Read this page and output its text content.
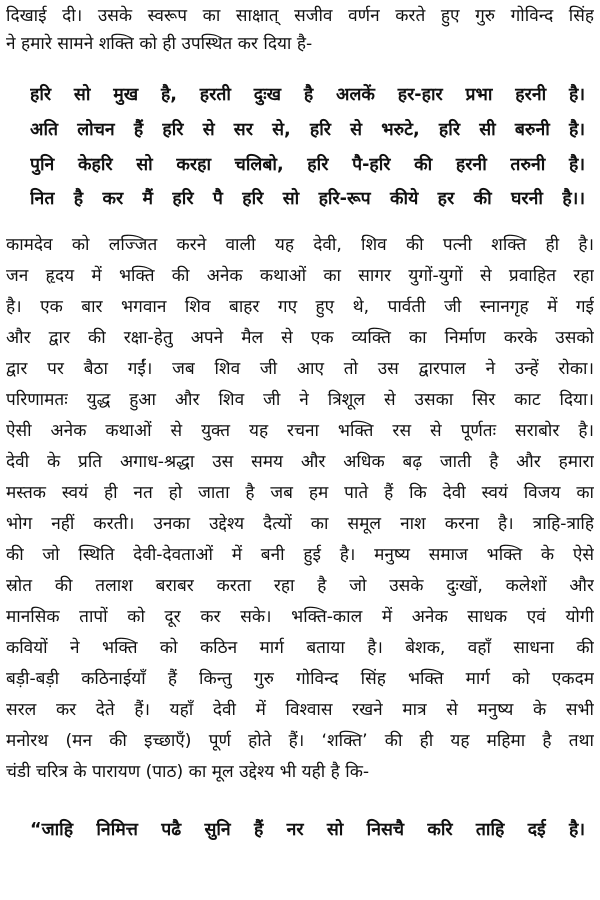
दिखाई दी। उसके स्वरूप का साक्षात् सजीव वर्णन करते हुए गुरु गोविन्द सिंह
ने हमारे सामने शक्ति को ही उपस्थित कर दिया है-
हरि सो मुख है, हरती दुःख है अलकें हर-हार प्रभा हरनी है।
अति लोचन हैं हरि से सर से, हरि से भरुटे, हरि सी बरुनी है।
पुनि केहरि सो करहा चलिबो, हरि पै-हरि की हरनी तरुनी है।
नित है कर मैं हरि पै हरि सो हरि-रूप कीये हर की घरनी है।।
कामदेव को लज्जित करने वाली यह देवी, शिव की पत्नी शक्ति ही है।
जन हृदय में भक्ति की अनेक कथाओं का सागर युगों-युगों से प्रवाहित रहा
है। एक बार भगवान शिव बाहर गए हुए थे, पार्वती जी स्नानगृह में गई
और द्वार की रक्षा-हेतु अपने मैल से एक व्यक्ति का निर्माण करके उसको
द्वार पर बैठा गईं। जब शिव जी आए तो उस द्वारपाल ने उन्हें रोका।
परिणामतः युद्ध हुआ और शिव जी ने त्रिशूल से उसका सिर काट दिया।
ऐसी अनेक कथाओं से युक्त यह रचना भक्ति रस से पूर्णतः सराबोर है।
देवी के प्रति अगाध-श्रद्धा उस समय और अधिक बढ़ जाती है और हमारा
मस्तक स्वयं ही नत हो जाता है जब हम पाते हैं कि देवी स्वयं विजय का
भोग नहीं करती। उनका उद्देश्य दैत्यों का समूल नाश करना है। त्राहि-त्राहि
की जो स्थिति देवी-देवताओं में बनी हुई है। मनुष्य समाज भक्ति के ऐसे
स्रोत की तलाश बराबर करता रहा है जो उसके दुःखों, कलेशों और
मानसिक तापों को दूर कर सके। भक्ति-काल में अनेक साधक एवं योगी
कवियों ने भक्ति को कठिन मार्ग बताया है। बेशक, वहाँ साधना की
बड़ी-बड़ी कठिनाईयाँ हैं किन्तु गुरु गोविन्द सिंह भक्ति मार्ग को एकदम
सरल कर देते हैं। यहाँ देवी में विश्वास रखने मात्र से मनुष्य के सभी
मनोरथ (मन की इच्छाएँ) पूर्ण होते हैं। ‘शक्ति’ की ही यह महिमा है तथा
चंडी चरित्र के पारायण (पाठ) का मूल उद्देश्य भी यही है कि-
“जाहि निमित्त पढै सुनि हैं नर सो निसचै करि ताहि दई है।
